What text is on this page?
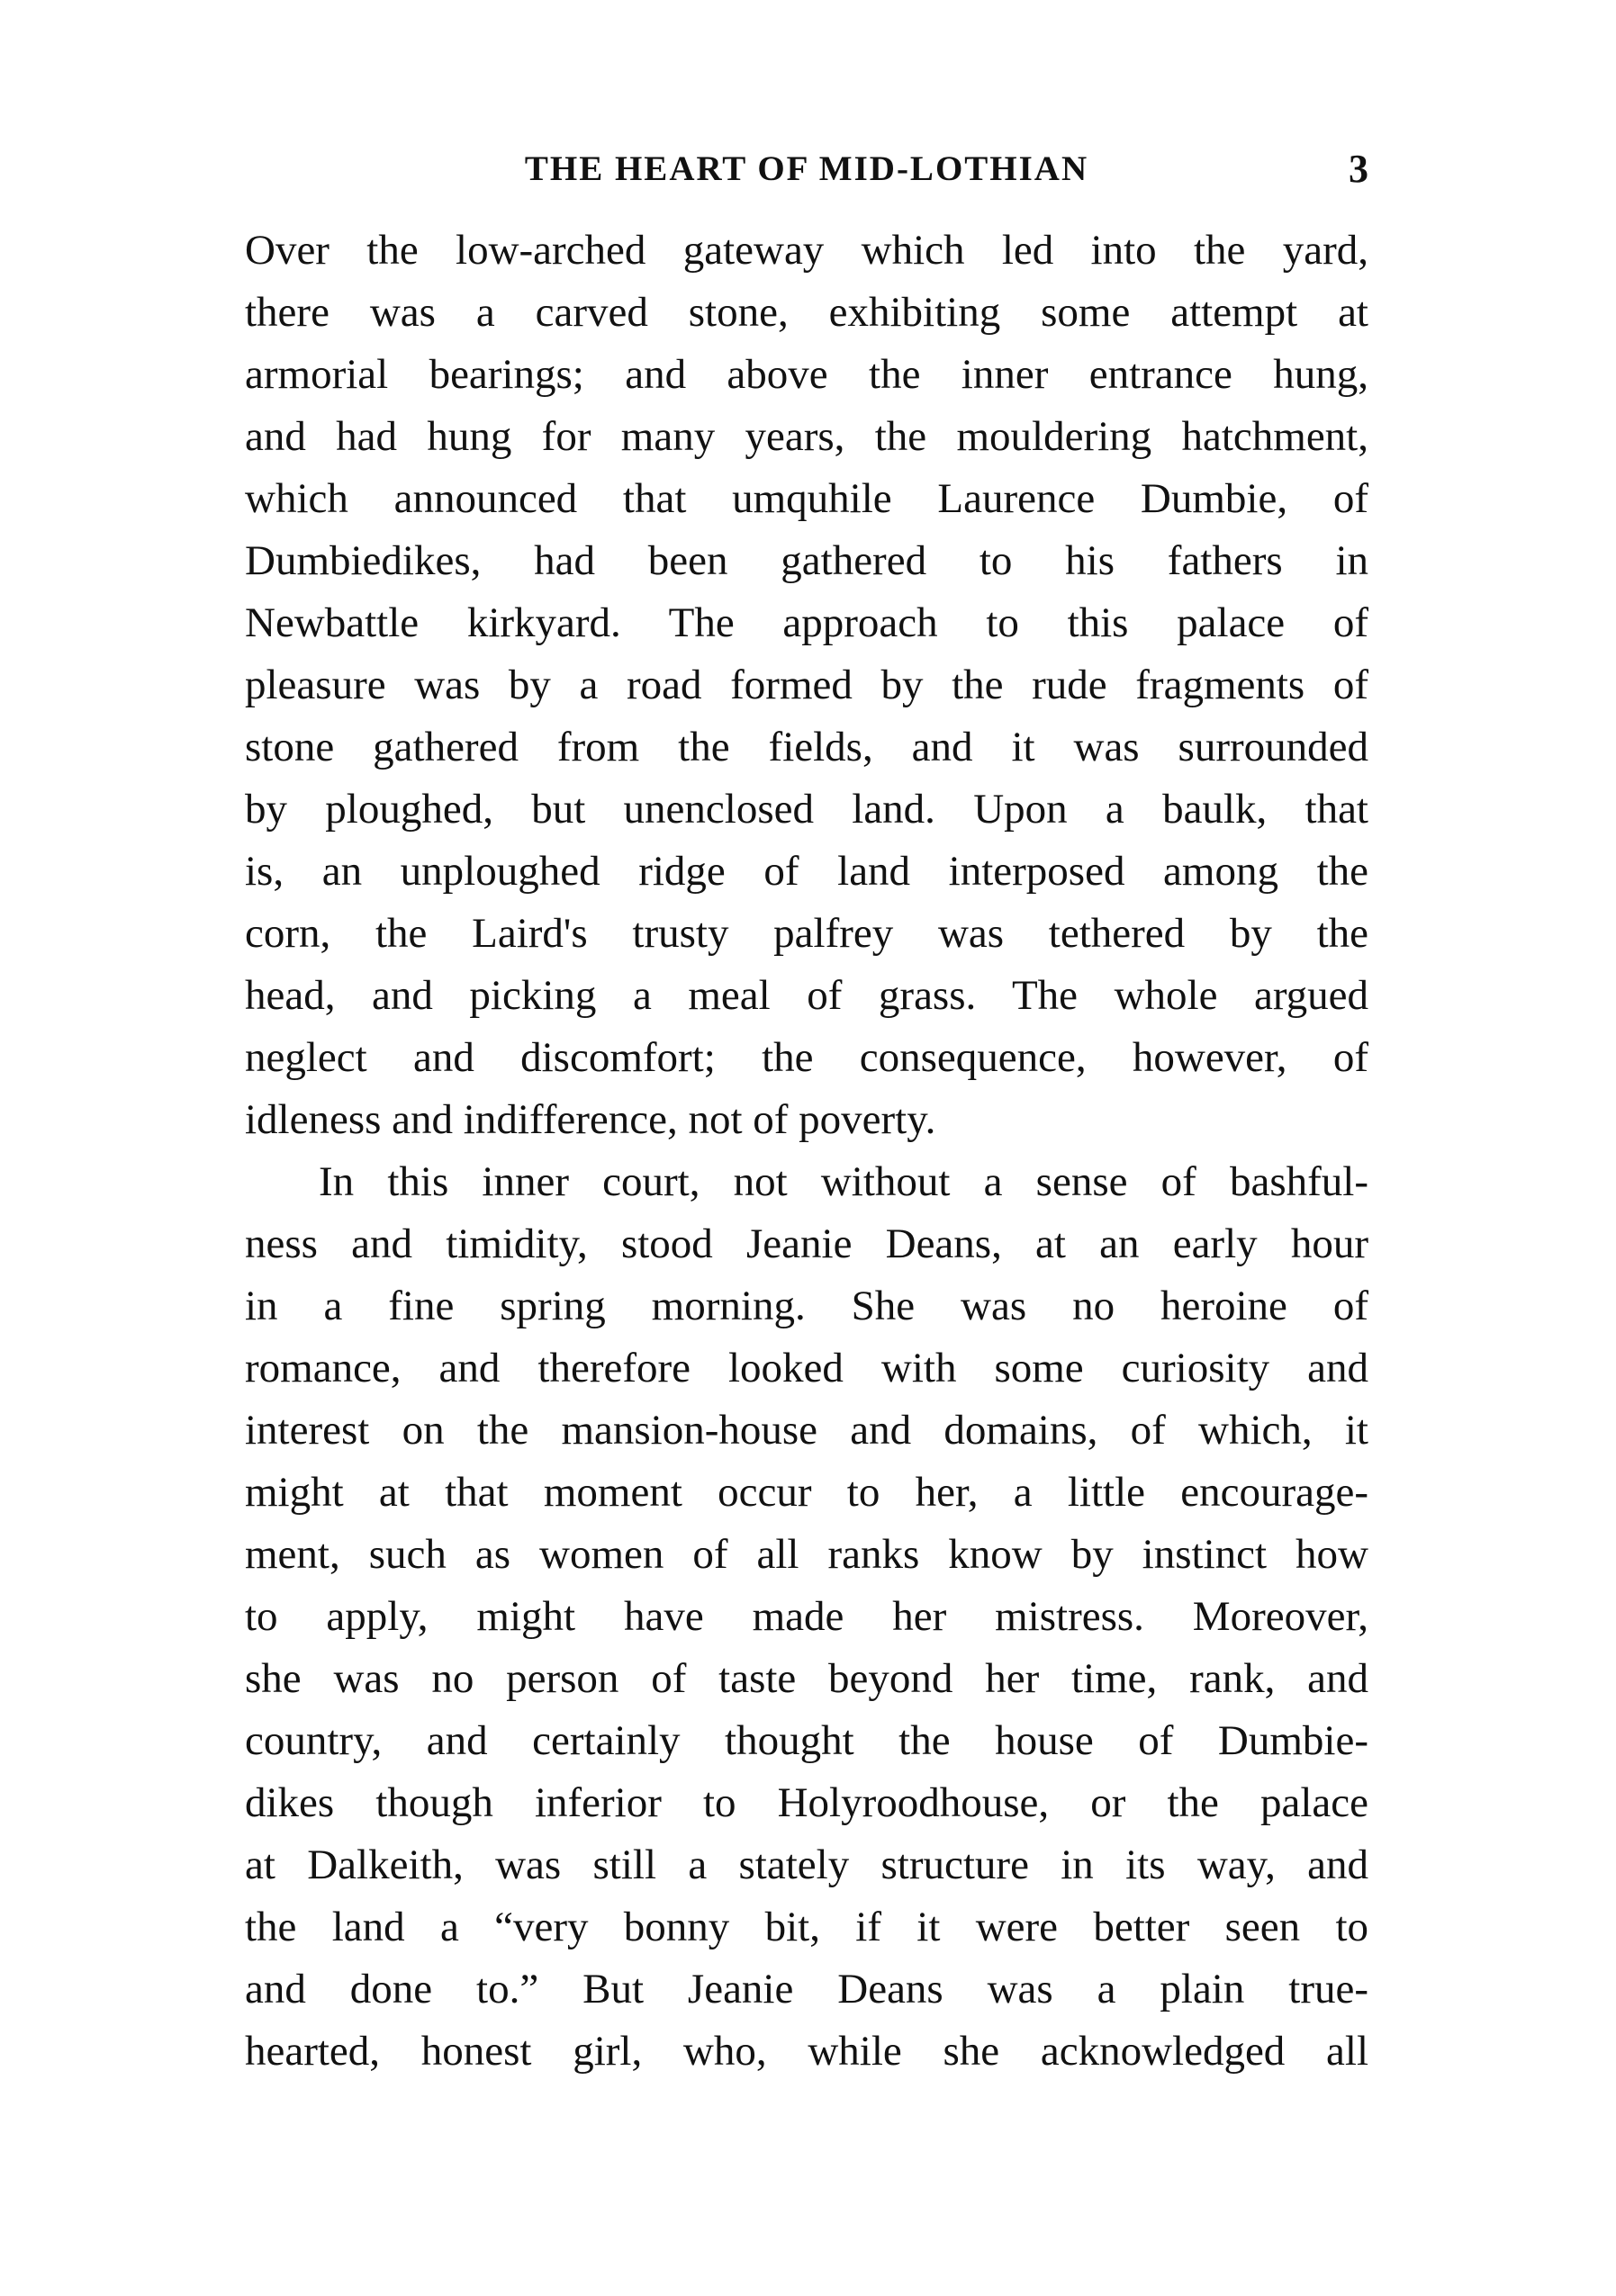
THE HEART OF MID-LOTHIAN	3
Over the low-arched gateway which led into the yard,
there was a carved stone, exhibiting some attempt at
armorial bearings; and above the inner entrance hung,
and had hung for many years, the mouldering hatchment,
which announced that umquhile Laurence Dumbie, of
Dumbiedikes, had been gathered to his fathers in
Newbattle kirkyard. The approach to this palace of
pleasure was by a road formed by the rude fragments of
stone gathered from the fields, and it was surrounded
by ploughed, but unenclosed land. Upon a baulk, that
is, an unploughed ridge of land interposed among the
corn, the Laird's trusty palfrey was tethered by the
head, and picking a meal of grass. The whole argued
neglect and discomfort; the consequence, however, of
idleness and indifference, not of poverty.
In this inner court, not without a sense of bashful-
ness and timidity, stood Jeanie Deans, at an early hour
in a fine spring morning. She was no heroine of
romance, and therefore looked with some curiosity and
interest on the mansion-house and domains, of which, it
might at that moment occur to her, a little encourage-
ment, such as women of all ranks know by instinct how
to apply, might have made her mistress. Moreover,
she was no person of taste beyond her time, rank, and
country, and certainly thought the house of Dumbie-
dikes though inferior to Holyroodhouse, or the palace
at Dalkeith, was still a stately structure in its way, and
the land a “very bonny bit, if it were better seen to
and done to.” But Jeanie Deans was a plain true-
hearted, honest girl, who, while she acknowledged all
